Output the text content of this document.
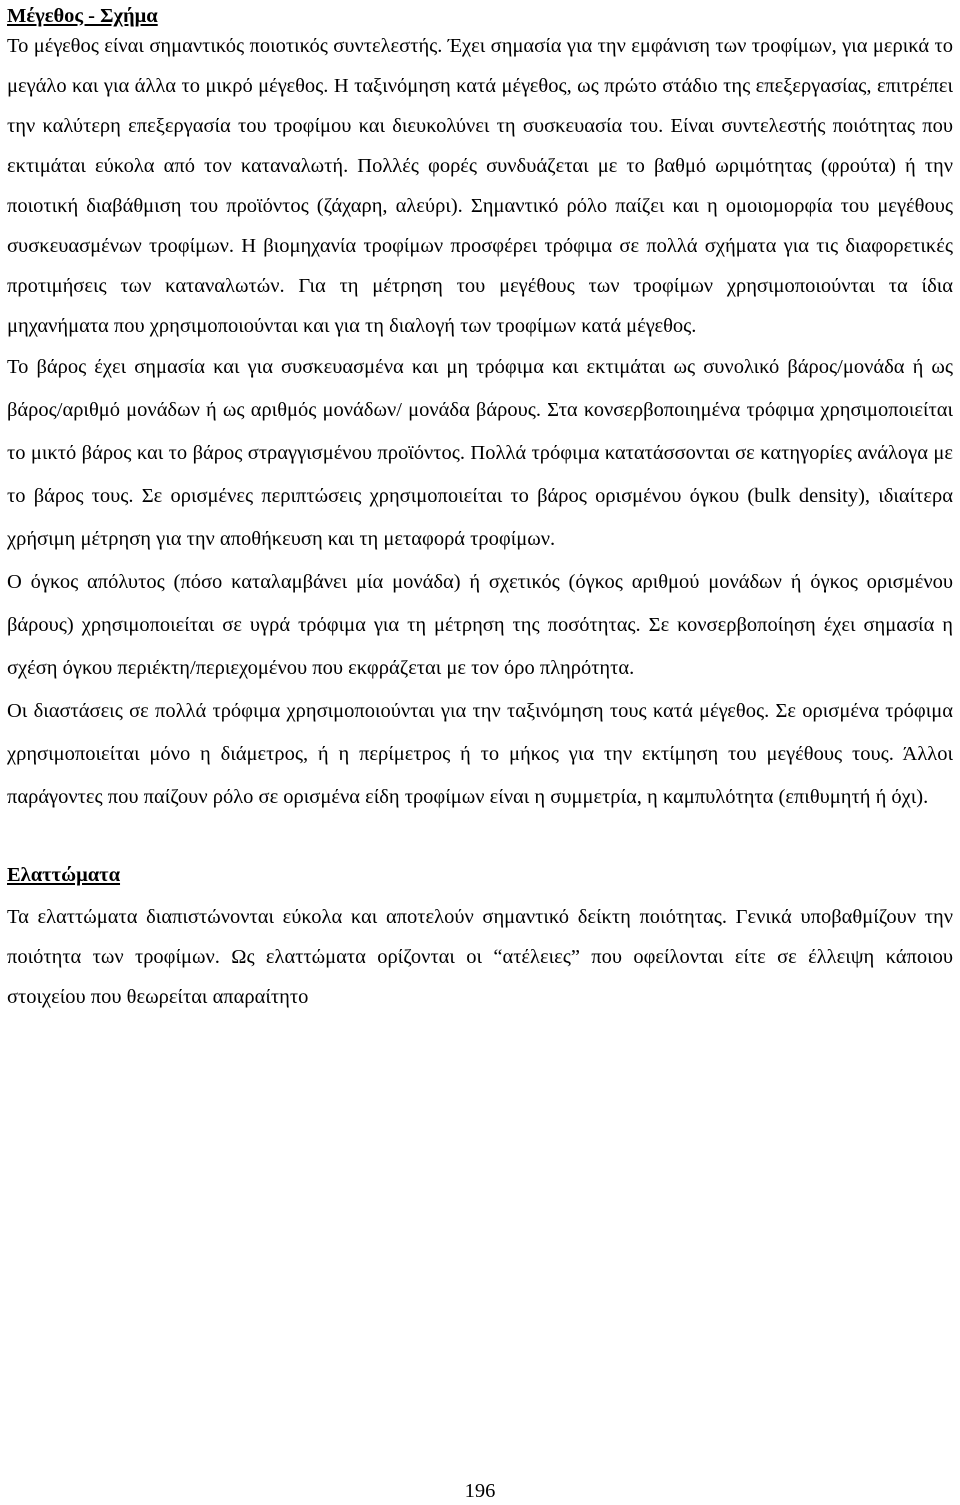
Μέγεθος - Σχήμα

Το μέγεθος είναι σημαντικός ποιοτικός συντελεστής. Έχει σημασία για την εμφάνιση των τροφίμων, για μερικά το μεγάλο και για άλλα το μικρό μέγεθος. Η ταξινόμηση κατά μέγεθος, ως πρώτο στάδιο της επεξεργασίας, επιτρέπει την καλύτερη επεξεργασία του τροφίμου και διευκολύνει τη συσκευασία του. Είναι συντελεστής ποιότητας που εκτιμάται εύκολα από τον καταναλωτή. Πολλές φορές συνδυάζεται με το βαθμό ωριμότητας (φρούτα) ή την ποιοτική διαβάθμιση του προϊόντος (ζάχαρη, αλεύρι). Σημαντικό ρόλο παίζει και η ομοιομορφία του μεγέθους συσκευασμένων τροφίμων. Η βιομηχανία τροφίμων προσφέρει τρόφιμα σε πολλά σχήματα για τις διαφορετικές προτιμήσεις των καταναλωτών. Για τη μέτρηση του μεγέθους των τροφίμων χρησιμοποιούνται τα ίδια μηχανήματα που χρησιμοποιούνται και για τη διαλογή των τροφίμων κατά μέγεθος.

Το βάρος έχει σημασία και για συσκευασμένα και μη τρόφιμα και εκτιμάται ως συνολικό βάρος/μονάδα ή ως βάρος/αριθμό μονάδων ή ως αριθμός μονάδων/ μονάδα βάρους. Στα κονσερβοποιημένα τρόφιμα χρησιμοποιείται το μικτό βάρος και το βάρος στραγγισμένου προϊόντος. Πολλά τρόφιμα κατατάσσονται σε κατηγορίες ανάλογα με το βάρος τους. Σε ορισμένες περιπτώσεις χρησιμοποιείται το βάρος ορισμένου όγκου (bulk density), ιδιαίτερα χρήσιμη μέτρηση για την αποθήκευση και τη μεταφορά τροφίμων.

Ο όγκος απόλυτος (πόσο καταλαμβάνει μία μονάδα) ή σχετικός (όγκος αριθμού μονάδων ή όγκος ορισμένου βάρους) χρησιμοποιείται σε υγρά τρόφιμα για τη μέτρηση της ποσότητας. Σε κονσερβοποίηση έχει σημασία η σχέση όγκου περιέκτη/περιεχομένου που εκφράζεται με τον όρο πληρότητα.

Οι διαστάσεις σε πολλά τρόφιμα χρησιμοποιούνται για την ταξινόμηση τους κατά μέγεθος. Σε ορισμένα τρόφιμα χρησιμοποιείται μόνο η διάμετρος, ή η περίμετρος ή το μήκος για την εκτίμηση του μεγέθους τους. Άλλοι παράγοντες που παίζουν ρόλο σε ορισμένα είδη τροφίμων είναι η συμμετρία, η καμπυλότητα (επιθυμητή ή όχι).

Ελαττώματα

Τα ελαττώματα διαπιστώνονται εύκολα και αποτελούν σημαντικό δείκτη ποιότητας. Γενικά υποβαθμίζουν την ποιότητα των τροφίμων. Ως ελαττώματα ορίζονται οι “ατέλειες” που οφείλονται είτε σε έλλειψη κάποιου στοιχείου που θεωρείται απαραίτητο

196
